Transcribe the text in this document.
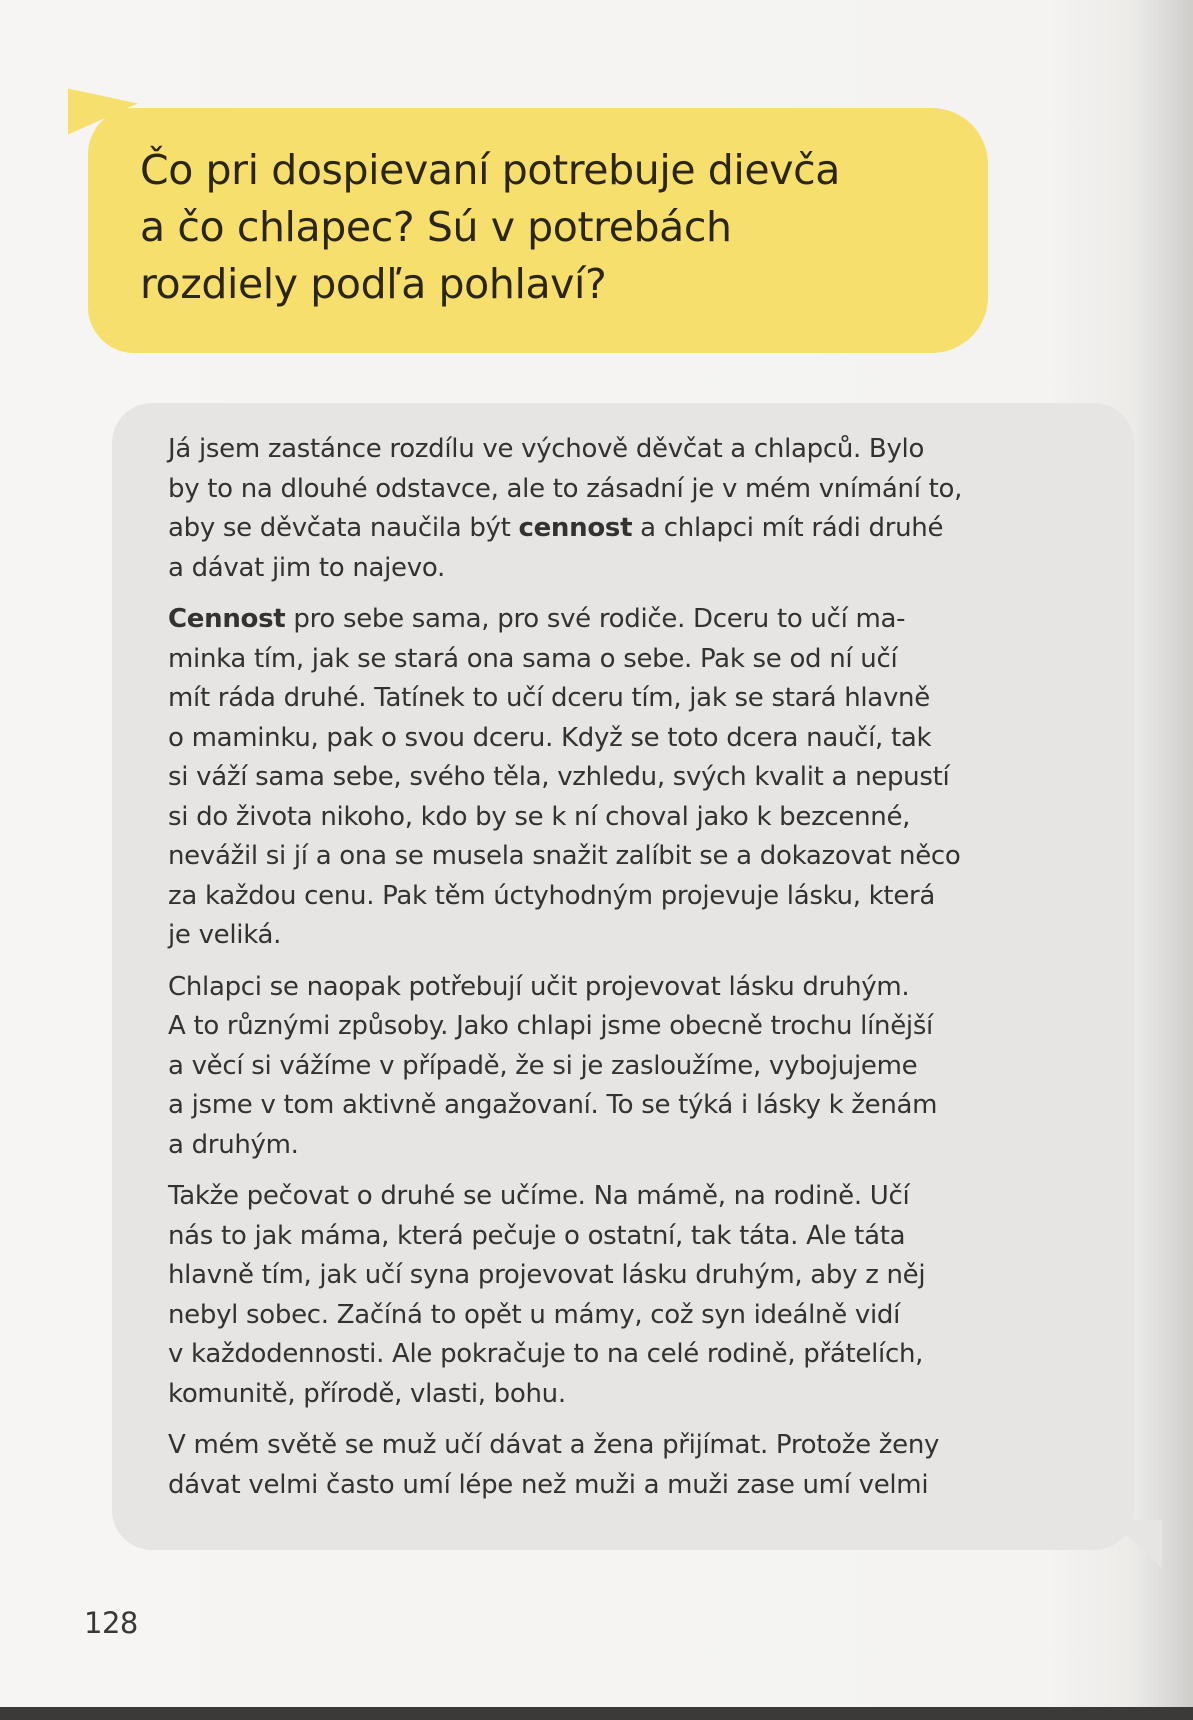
Čo pri dospievaní potrebuje dievča
a čo chlapec? Sú v potrebách
rozdiely podľa pohlaví?

Já jsem zastánce rozdílu ve výchově děvčat a chlapců. Bylo
by to na dlouhé odstavce, ale to zásadní je v mém vnímání to,
aby se děvčata naučila být cennost a chlapci mít rádi druhé
a dávat jim to najevo.

Cennost pro sebe sama, pro své rodiče. Dceru to učí ma-
minka tím, jak se stará ona sama o sebe. Pak se od ní učí
mít ráda druhé. Tatínek to učí dceru tím, jak se stará hlavně
o maminku, pak o svou dceru. Když se toto dcera naučí, tak
si váží sama sebe, svého těla, vzhledu, svých kvalit a nepustí
si do života nikoho, kdo by se k ní choval jako k bezcenné,
nevážil si jí a ona se musela snažit zalíbit se a dokazovat něco
za každou cenu. Pak těm úctyhodným projevuje lásku, která
je veliká.

Chlapci se naopak potřebují učit projevovat lásku druhým.
A to různými způsoby. Jako chlapi jsme obecně trochu línější
a věcí si vážíme v případě, že si je zasloužíme, vybojujeme
a jsme v tom aktivně angažovaní. To se týká i lásky k ženám
a druhým.

Takže pečovat o druhé se učíme. Na mámě, na rodině. Učí
nás to jak máma, která pečuje o ostatní, tak táta. Ale táta
hlavně tím, jak učí syna projevovat lásku druhým, aby z něj
nebyl sobec. Začíná to opět u mámy, což syn ideálně vidí
v každodennosti. Ale pokračuje to na celé rodině, přátelích,
komunitě, přírodě, vlasti, bohu.

V mém světě se muž učí dávat a žena přijímat. Protože ženy
dávat velmi často umí lépe než muži a muži zase umí velmi

128
